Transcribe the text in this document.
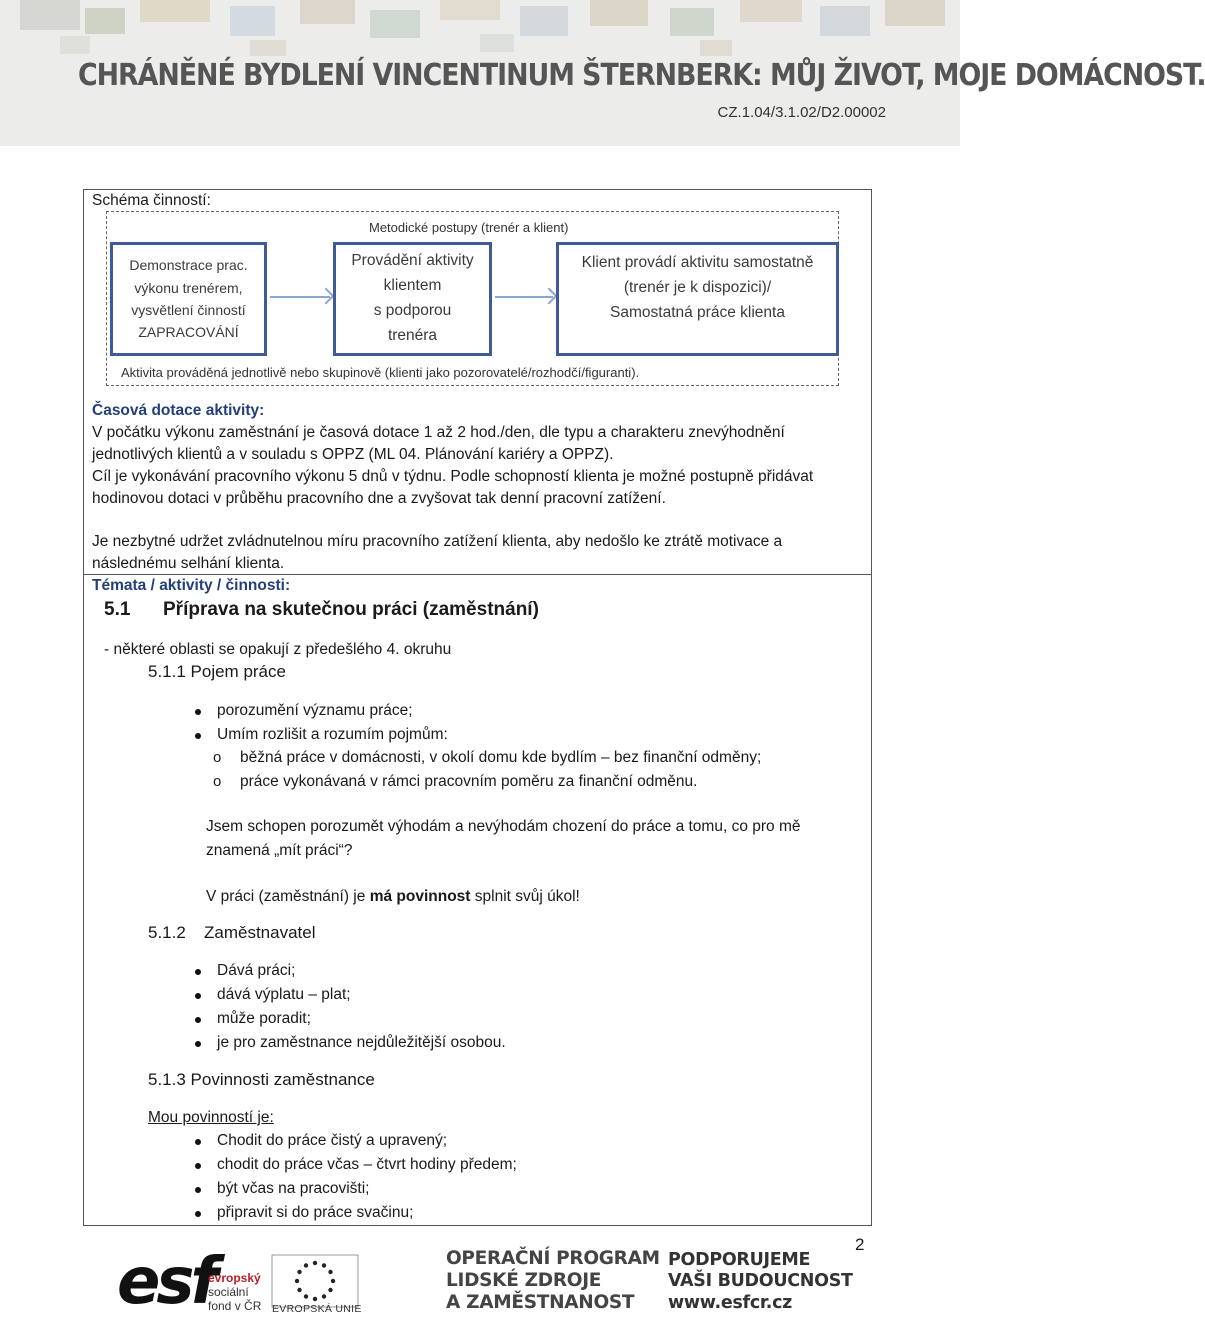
CHRÁNĚNÉ BYDLENÍ VINCENTINUM ŠTERNBERK: MŮJ ŽIVOT, MOJE DOMÁCNOST.
CZ.1.04/3.1.02/D2.00002
Schéma činností:
Metodické postupy (trenér a klient)
Demonstrace prac.
výkonu trenérem,
vysvětlení činností
ZAPRACOVÁNÍ
Provádění aktivity
klientem
s podporou
trenéra
Klient provádí aktivitu samostatně
(trenér je k dispozici)/
Samostatná práce klienta
Aktivita prováděná jednotlivě nebo skupinově (klienti jako pozorovatelé/rozhodčí/figuranti).
Časová dotace aktivity:
V počátku výkonu zaměstnání je časová dotace 1 až 2 hod./den, dle typu a charakteru znevýhodnění
jednotlivých klientů a v souladu s OPPZ (ML 04. Plánování kariéry a OPPZ).
Cíl je vykonávání pracovního výkonu 5 dnů v týdnu. Podle schopností klienta je možné postupně přidávat
hodinovou dotaci v průběhu pracovního dne a zvyšovat tak denní pracovní zatížení.
Je nezbytné udržet zvládnutelnou míru pracovního zatížení klienta, aby nedošlo ke ztrátě motivace a
následnému selhání klienta.
Témata / aktivity / činnosti:
5.1 Příprava na skutečnou práci (zaměstnání)
- některé oblasti se opakují z předešlého 4. okruhu
5.1.1 Pojem práce
porozumění významu práce;
Umím rozlišit a rozumím pojmům:
o běžná práce v domácnosti, v okolí domu kde bydlím – bez finanční odměny;
o práce vykonávaná v rámci pracovním poměru za finanční odměnu.
Jsem schopen porozumět výhodám a nevýhodám chození do práce a tomu, co pro mě
znamená „mít práci“?
V práci (zaměstnání) je má povinnost splnit svůj úkol!
5.1.2 Zaměstnavatel
Dává práci;
dává výplatu – plat;
může poradit;
je pro zaměstnance nejdůležitější osobou.
5.1.3 Povinnosti zaměstnance
Mou povinností je:
Chodit do práce čistý a upravený;
chodit do práce včas – čtvrt hodiny předem;
být včas na pracovišti;
připravit si do práce svačinu;
2
esf
evropský
sociální
fond v ČR EVROPSKÁ UNIE
OPERAČNÍ PROGRAM
LIDSKÉ ZDROJE
A ZAMĚSTNANOST
PODPORUJEME
VAŠI BUDOUCNOST
www.esfcr.cz
